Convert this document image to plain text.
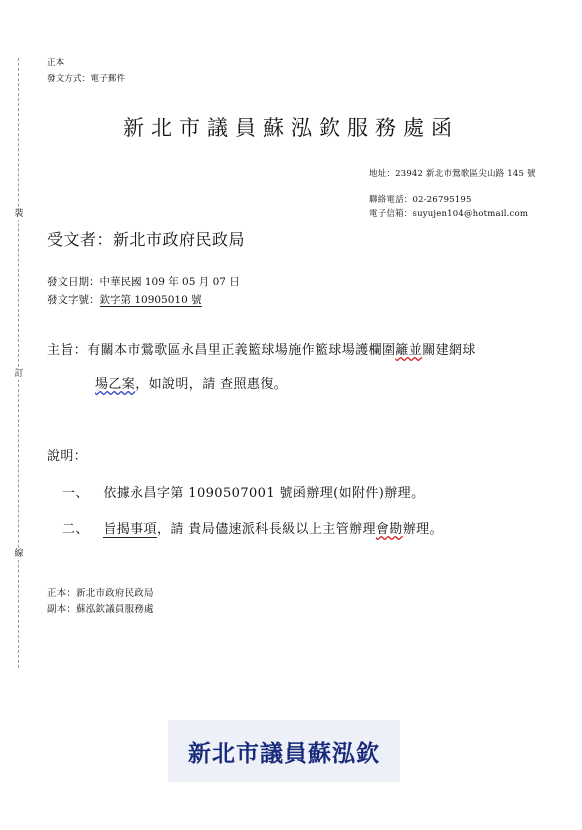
裝
訂
線
正本
發文方式：電子郵件
新北市議員蘇泓欽服務處函
地址：23942 新北市鶯歌區尖山路 145 號
聯絡電話：02-26795195
電子信箱：suyujen104@hotmail.com
受文者：新北市政府民政局
發文日期：中華民國 109 年 05 月 07 日
發文字號：欽字第 10905010 號
主旨：有關本市鶯歌區永昌里正義籃球場施作籃球場護欄圍籬並關建網球
場乙案，如說明，請 查照惠復。
說明：
一、 依據永昌字第 1090507001 號函辦理(如附件)辦理。
二、 旨揭事項，請 貴局儘速派科長級以上主管辦理會勘辦理。
正本：新北市政府民政局
副本：蘇泓欽議員服務處
新北市議員蘇泓欽
